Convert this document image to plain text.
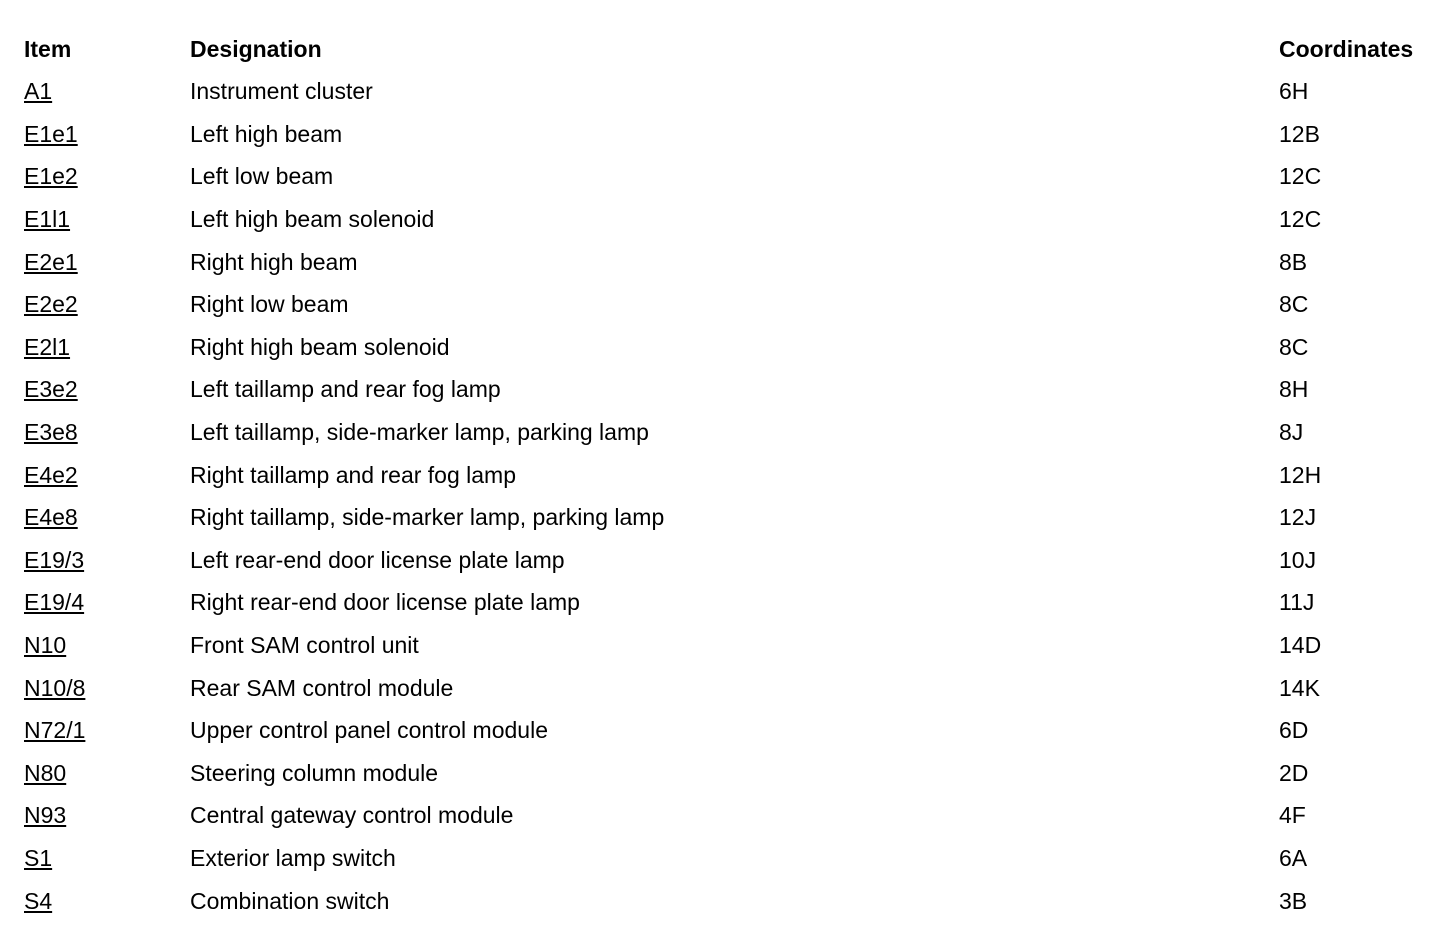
Item	Designation	Coordinates
A1	Instrument cluster	6H
E1e1	Left high beam	12B
E1e2	Left low beam	12C
E1l1	Left high beam solenoid	12C
E2e1	Right high beam	8B
E2e2	Right low beam	8C
E2l1	Right high beam solenoid	8C
E3e2	Left taillamp and rear fog lamp	8H
E3e8	Left taillamp, side-marker lamp, parking lamp	8J
E4e2	Right taillamp and rear fog lamp	12H
E4e8	Right taillamp, side-marker lamp, parking lamp	12J
E19/3	Left rear-end door license plate lamp	10J
E19/4	Right rear-end door license plate lamp	11J
N10	Front SAM control unit	14D
N10/8	Rear SAM control module	14K
N72/1	Upper control panel control module	6D
N80	Steering column module	2D
N93	Central gateway control module	4F
S1	Exterior lamp switch	6A
S4	Combination switch	3B
